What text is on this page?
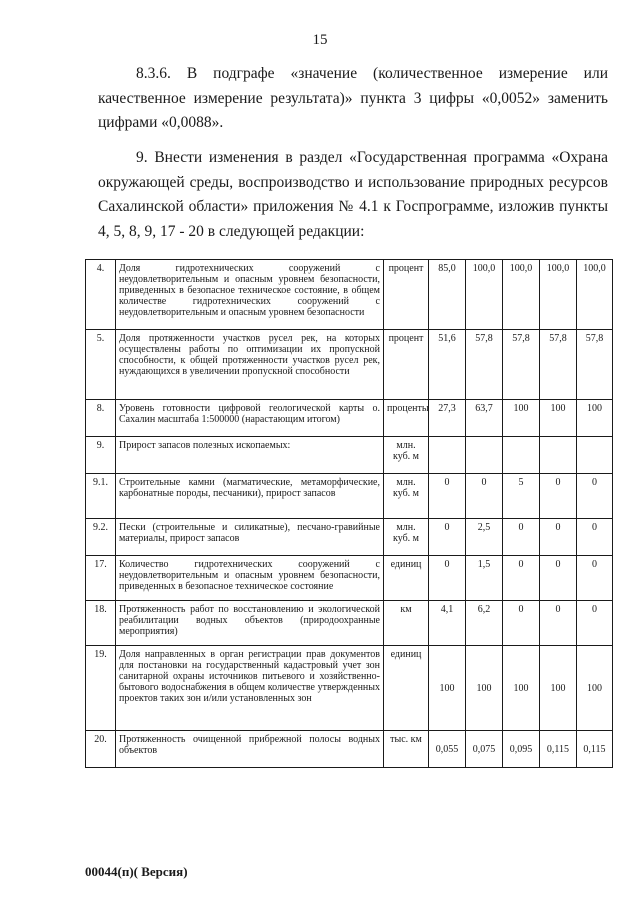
15

8.3.6. В подграфе «значение (количественное измерение или качественное измерение результата)» пункта 3 цифры «0,0052» заменить цифрами «0,0088».

9. Внести изменения в раздел «Государственная программа «Охрана окружающей среды, воспроизводство и использование природных ресурсов Сахалинской области» приложения № 4.1 к Госпрограмме, изложив пункты 4, 5, 8, 9, 17 - 20 в следующей редакции:

4.	Доля гидротехнических сооружений с неудовлетворительным и опасным уровнем безопасности, приведенных в безопасное техническое состояние, в общем количестве гидротехнических сооружений с неудовлетворительным и опасным уровнем безопасности	процент	85,0	100,0	100,0	100,0	100,0
5.	Доля протяженности участков русел рек, на которых осуществлены работы по оптимизации их пропускной способности, к общей протяженности участков русел рек, нуждающихся в увеличении пропускной способности	процент	51,6	57,8	57,8	57,8	57,8
8.	Уровень готовности цифровой геологической карты о. Сахалин масштаба 1:500000 (нарастающим итогом)	проценты	27,3	63,7	100	100	100
9.	Прирост запасов полезных ископаемых:	млн. куб. м					
9.1.	Строительные камни (магматические, метаморфические, карбонатные породы, песчаники), прирост запасов	млн. куб. м	0	0	5	0	0
9.2.	Пески (строительные и силикатные), песчано-гравийные материалы, прирост запасов	млн. куб. м	0	2,5	0	0	0
17.	Количество гидротехнических сооружений с неудовлетворительным и опасным уровнем безопасности, приведенных в безопасное техническое состояние	единиц	0	1,5	0	0	0
18.	Протяженность работ по восстановлению и экологической реабилитации водных объектов (природоохранные мероприятия)	км	4,1	6,2	0	0	0
19.	Доля направленных в орган регистрации прав документов для постановки на государственный кадастровый учет зон санитарной охраны источников питьевого и хозяйственно-бытового водоснабжения в общем количестве утвержденных проектов таких зон и/или установленных зон	единиц	100	100	100	100	100
20.	Протяженность очищенной прибрежной полосы водных объектов	тыс. км	0,055	0,075	0,095	0,115	0,115
00044(п)( Версия)
